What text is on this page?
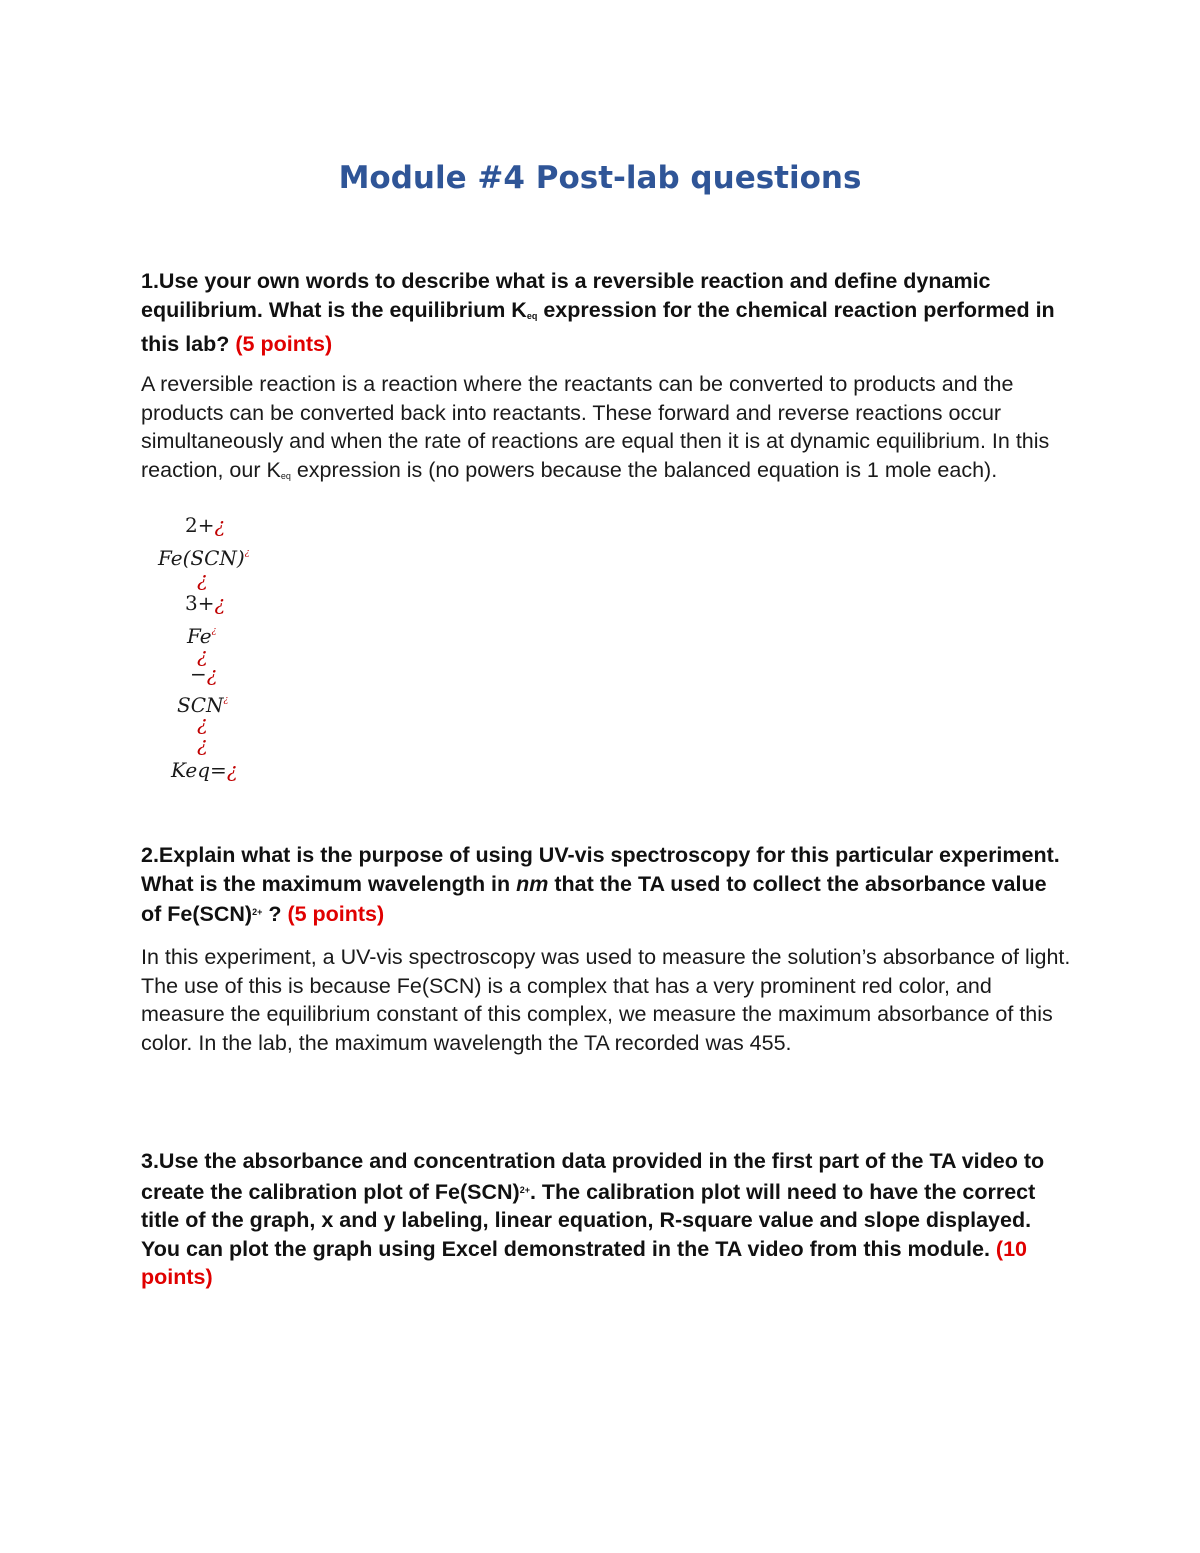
Module #4 Post-lab questions

1.Use your own words to describe what is a reversible reaction and define dynamic equilibrium. What is the equilibrium $K_{eq}$ expression for the chemical reaction performed in this lab? (5 points)

A reversible reaction is a reaction where the reactants can be converted to products and the products can be converted back into reactants. These forward and reverse reactions occur simultaneously and when the rate of reactions are equal then it is at dynamic equilibrium. In this reaction, our Keq expression is (no powers because the balanced equation is 1 mole each).

2+¿
Fe(SCN)¿
¿
3+¿
Fe¿
¿
−¿
SCN¿
¿
¿
Keq=¿

2.Explain what is the purpose of using UV-vis spectroscopy for this particular experiment. What is the maximum wavelength in nm that the TA used to collect the absorbance value of Fe(SCN)$^{2+}$ ? (5 points)

In this experiment, a UV-vis spectroscopy was used to measure the solution’s absorbance of light. The use of this is because Fe(SCN) is a complex that has a very prominent red color, and measure the equilibrium constant of this complex, we measure the maximum absorbance of this color. In the lab, the maximum wavelength the TA recorded was 455.

3.Use the absorbance and concentration data provided in the first part of the TA video to create the calibration plot of Fe(SCN)$^{2+}$. The calibration plot will need to have the correct title of the graph, x and y labeling, linear equation, R-square value and slope displayed. You can plot the graph using Excel demonstrated in the TA video from this module. (10 points)
